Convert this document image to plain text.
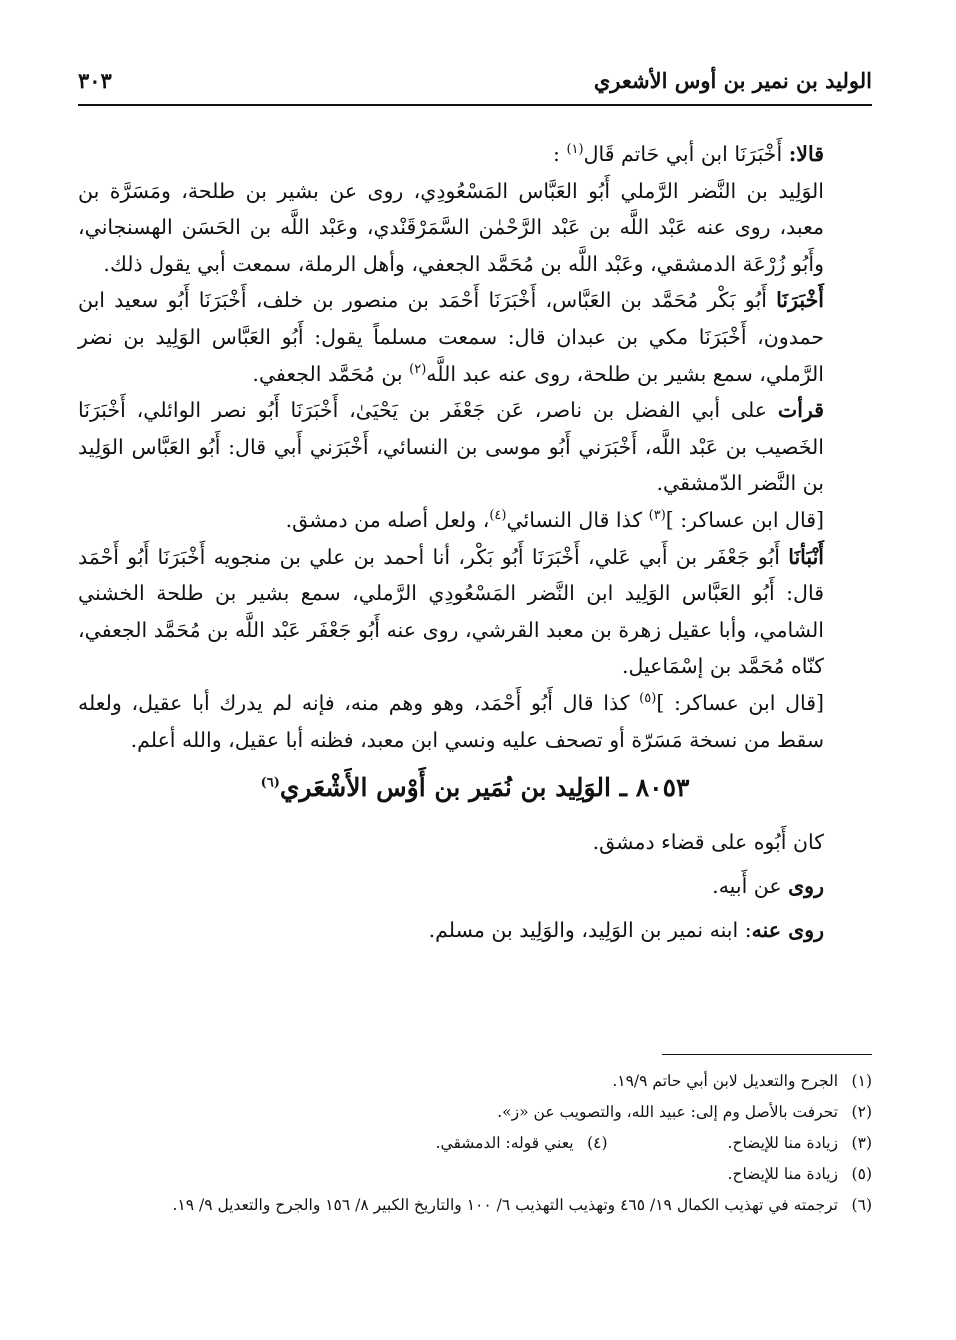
الوليد بن نمير بن أوس الأشعري
٣٠٣

قالا: أَخْبَرَنَا ابن أبي حَاتم قَال$^{(١)}$ :

الوَلِيد بن النَّضر الرَّملي أَبُو العَبَّاس المَسْعُودِي، روى عن بشير بن طلحة، ومَسَرَّة بن معبد، روى عنه عَبْد اللَّه بن عَبْد الرَّحْمٰن السَّمَرْقَنْدي، وعَبْد اللَّه بن الحَسَن الهسنجاني، وأَبُو زُرْعَة الدمشقي، وعَبْد اللَّه بن مُحَمَّد الجعفي، وأهل الرملة، سمعت أبي يقول ذلك.

أَخْبَرَنَا أَبُو بَكْر مُحَمَّد بن العَبَّاس، أَخْبَرَنَا أَحْمَد بن منصور بن خلف، أَخْبَرَنَا أَبُو سعيد ابن حمدون، أَخْبَرَنَا مكي بن عبدان قال: سمعت مسلماً يقول: أَبُو العَبَّاس الوَلِيد بن نضر الرَّملي، سمع بشير بن طلحة، روى عنه عبد اللَّه$^{(٢)}$ بن مُحَمَّد الجعفي.

قرأت على أبي الفضل بن ناصر، عَن جَعْفَر بن يَحْيَىٰ، أَخْبَرَنَا أَبُو نصر الوائلي، أَخْبَرَنَا الخَصيب بن عَبْد اللَّه، أَخْبَرَني أَبُو موسى بن النسائي، أَخْبَرَني أَبي قال: أَبُو العَبَّاس الوَلِيد بن النَّضر الدّمشقي.

[قال ابن عساكر: ]$^{(٣)}$ كذا قال النسائي$^{(٤)}$، ولعل أصله من دمشق.

أَنْبَأنَا أَبُو جَعْفَر بن أَبي عَلي، أَخْبَرَنَا أَبُو بَكْر، أنا أحمد بن علي بن منجويه أَخْبَرَنَا أَبُو أَحْمَد قال: أَبُو العَبَّاس الوَلِيد ابن النَّضر المَسْعُودِي الرَّملي، سمع بشير بن طلحة الخشني الشامي، وأبا عقيل زهرة بن معبد القرشي، روى عنه أَبُو جَعْفَر عَبْد اللَّه بن مُحَمَّد الجعفي، كنّاه مُحَمَّد بن إسْمَاعيل.

[قال ابن عساكر: ]$^{(٥)}$ كذا قال أَبُو أَحْمَد، وهو وهم منه، فإنه لم يدرك أبا عقيل، ولعله سقط من نسخة مَسَرّة أو تصحف عليه ونسي ابن معبد، فظنه أبا عقيل، والله أعلم.

٨٠٥٣ ـ الوَلِيد بن نُمَير بن أَوْس الأَشْعَري$^{(٦)}$

كان أَبُوه على قضاء دمشق.

روى عن أَبيه.

روى عنه: ابنه نمير بن الوَلِيد، والوَلِيد بن مسلم.

(١)
الجرح والتعديل لابن أبي حاتم ١٩/٩.
(٢)
تحرفت بالأصل وم إلى: عبيد الله، والتصويب عن «ز».
(٣)
زيادة منا للإيضاح.
(٤)
يعني قوله: الدمشقي.
(٥)
زيادة منا للإيضاح.
(٦)
ترجمته في تهذيب الكمال ١٩/ ٤٦٥ وتهذيب التهذيب ٦/ ١٠٠ والتاريخ الكبير ٨/ ١٥٦ والجرح والتعديل ٩/ ١٩.
